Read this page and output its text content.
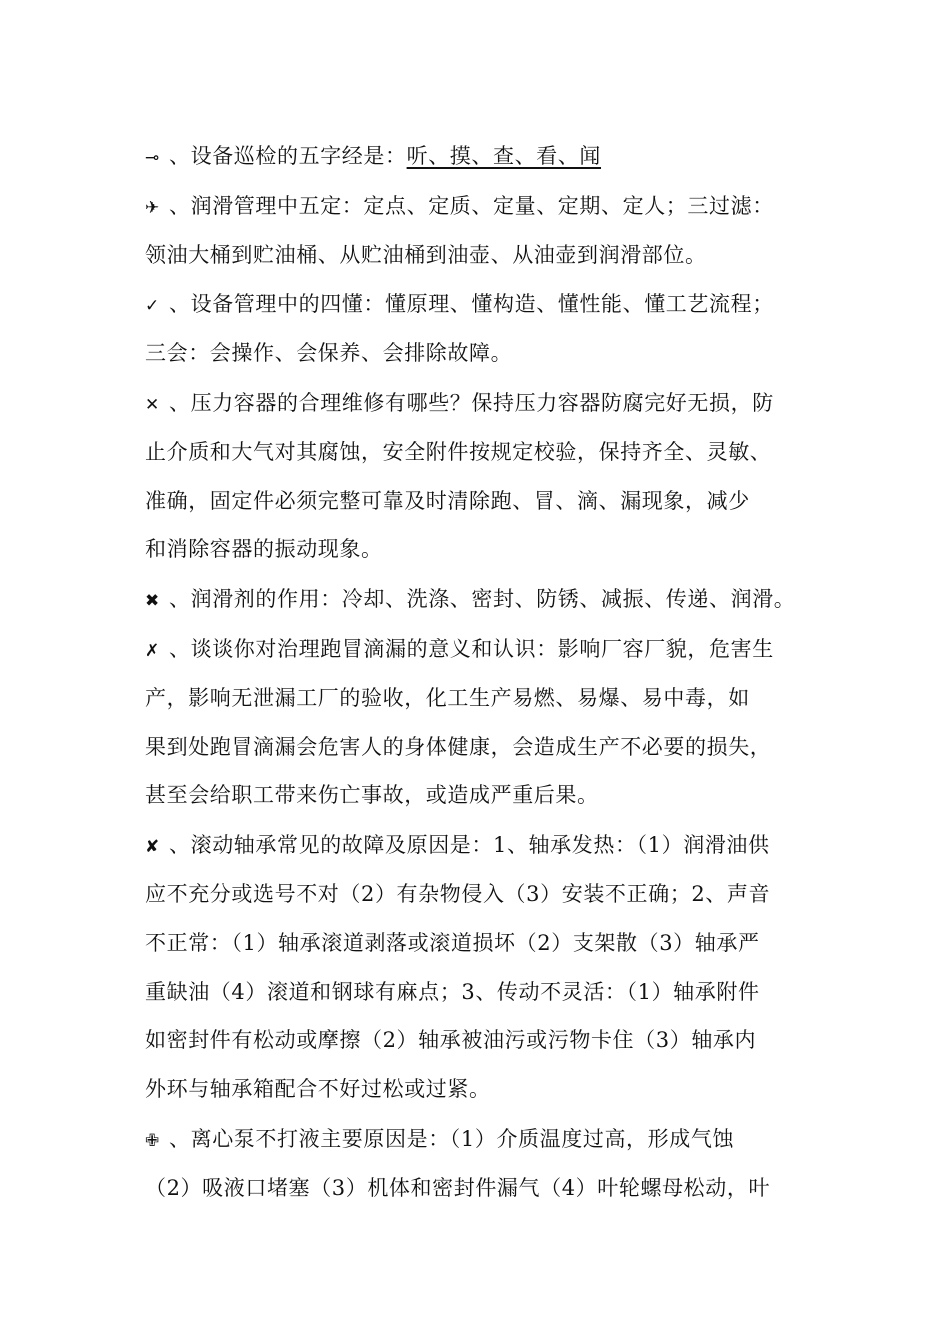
⊸ 、设备巡检的五字经是：听、摸、查、看、闻
✈ 、润滑管理中五定：定点、定质、定量、定期、定人；三过滤：
领油大桶到贮油桶、从贮油桶到油壶、从油壶到润滑部位。
✓ 、设备管理中的四懂：懂原理、懂构造、懂性能、懂工艺流程；
三会：会操作、会保养、会排除故障。
✕ 、压力容器的合理维修有哪些？保持压力容器防腐完好无损，防
止介质和大气对其腐蚀，安全附件按规定校验，保持齐全、灵敏、
准确，固定件必须完整可靠及时清除跑、冒、滴、漏现象，减少
和消除容器的振动现象。
✖ 、润滑剂的作用：冷却、洗涤、密封、防锈、减振、传递、润滑。
✗ 、谈谈你对治理跑冒滴漏的意义和认识：影响厂容厂貌，危害生
产，影响无泄漏工厂的验收，化工生产易燃、易爆、易中毒，如
果到处跑冒滴漏会危害人的身体健康，会造成生产不必要的损失，
甚至会给职工带来伤亡事故，或造成严重后果。
✘ 、滚动轴承常见的故障及原因是：1、轴承发热：（1）润滑油供
应不充分或选号不对（2）有杂物侵入（3）安装不正确；2、声音
不正常：（1）轴承滚道剥落或滚道损坏（2）支架散（3）轴承严
重缺油（4）滚道和钢球有麻点；3、传动不灵活：（1）轴承附件
如密封件有松动或摩擦（2）轴承被油污或污物卡住（3）轴承内
外环与轴承箱配合不好过松或过紧。
✙ 、离心泵不打液主要原因是：（1）介质温度过高，形成气蚀
（2）吸液口堵塞（3）机体和密封件漏气（4）叶轮螺母松动，叶
